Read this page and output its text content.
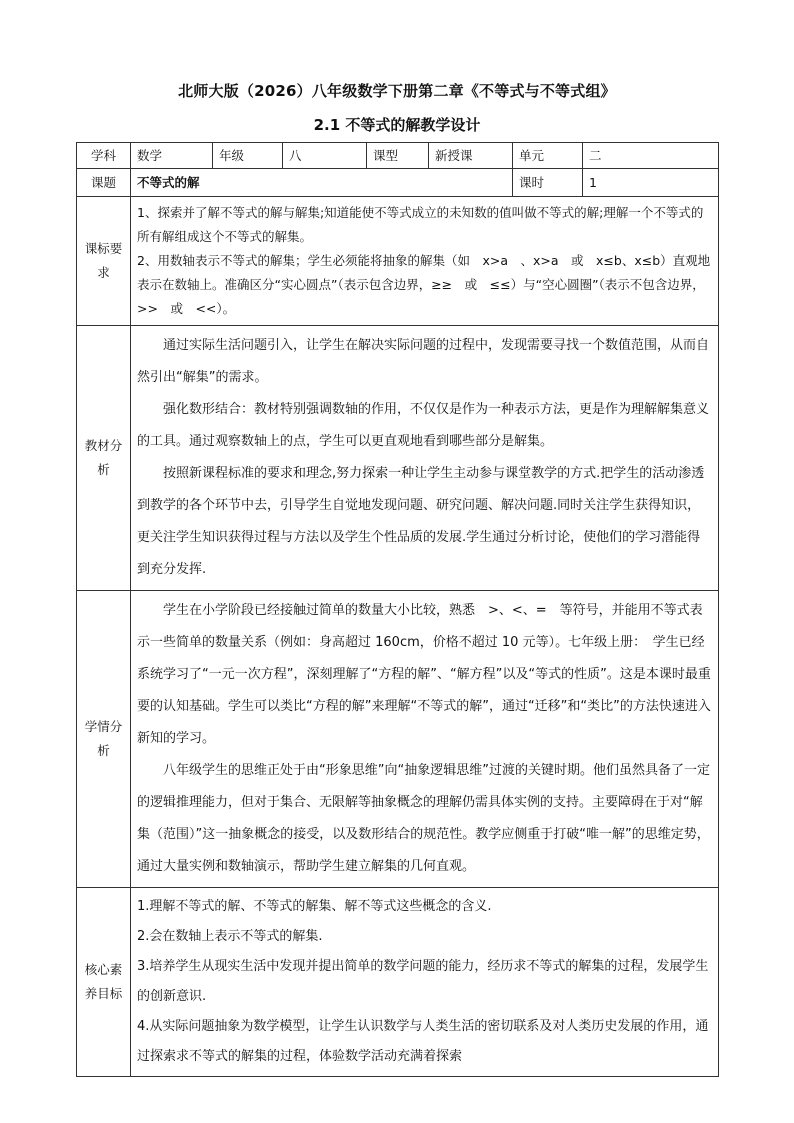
北师大版（2026）八年级数学下册第二章《不等式与不等式组》
2.1 不等式的解教学设计
学科	数学	年级	八	课型	新授课	单元	二
课题	不等式的解					课时	1
课标要求	1、探索并了解不等式的解与解集;知道能使不等式成立的未知数的值叫做不等式的解;理解一个不等式的所有解组成这个不等式的解集。

2、用数轴表示不等式的解集；学生必须能将抽象的解集（如　x>a　、x>a　或　x≤b、x≤b）直观地表示在数轴上。准确区分“实心圆点”（表示包含边界，≥≥　或　≤≤）与“空心圆圈”（表示不包含边界，>>　或　<<）。						

教材分析	通过实际生活问题引入，让学生在解决实际问题的过程中，发现需要寻找一个数值范围，从而自然引出“解集”的需求。

强化数形结合：教材特别强调数轴的作用，不仅仅是作为一种表示方法，更是作为理解解集意义的工具。通过观察数轴上的点，学生可以更直观地看到哪些部分是解集。

按照新课程标准的要求和理念,努力探索一种让学生主动参与课堂教学的方式.把学生的活动渗透到教学的各个环节中去，引导学生自觉地发现问题、研究问题、解决问题.同时关注学生获得知识，更关注学生知识获得过程与方法以及学生个性品质的发展.学生通过分析讨论，使他们的学习潜能得到充分发挥.						

学情分析	学生在小学阶段已经接触过简单的数量大小比较，熟悉　>、<、=　等符号，并能用不等式表示一些简单的数量关系（例如：身高超过 160cm，价格不超过 10 元等）。七年级上册：　学生已经系统学习了“一元一次方程”，深刻理解了“方程的解”、“解方程”以及“等式的性质”。这是本课时最重要的认知基础。学生可以类比“方程的解”来理解“不等式的解”，通过“迁移”和“类比”的方法快速进入新知的学习。

八年级学生的思维正处于由“形象思维”向“抽象逻辑思维”过渡的关键时期。他们虽然具备了一定的逻辑推理能力，但对于集合、无限解等抽象概念的理解仍需具体实例的支持。主要障碍在于对“解集（范围）”这一抽象概念的接受，以及数形结合的规范性。教学应侧重于打破“唯一解”的思维定势，通过大量实例和数轴演示，帮助学生建立解集的几何直观。						

核心素养目标	1.理解不等式的解、不等式的解集、解不等式这些概念的含义.

2.会在数轴上表示不等式的解集.

3.培养学生从现实生活中发现并提出简单的数学问题的能力，经历求不等式的解集的过程，发展学生的创新意识.

4.从实际问题抽象为数学模型，让学生认识数学与人类生活的密切联系及对人类历史发展的作用，通过探索求不等式的解集的过程，体验数学活动充满着探索						
